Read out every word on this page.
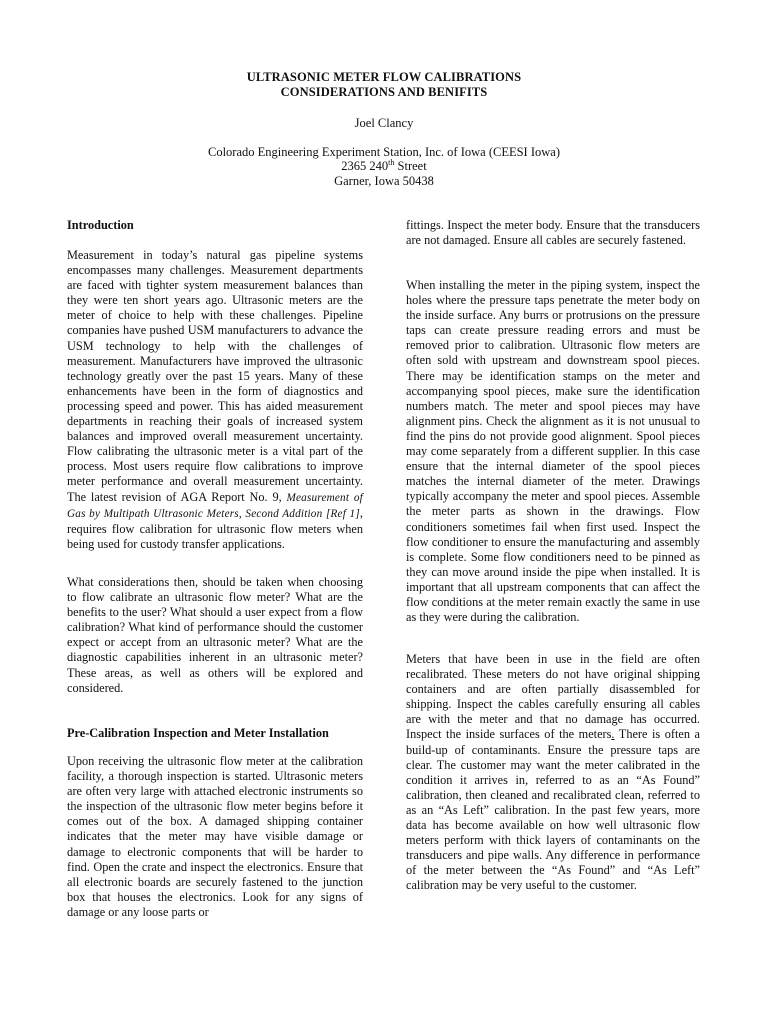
ULTRASONIC METER FLOW CALIBRATIONS
CONSIDERATIONS AND BENIFITS
Joel Clancy
Colorado Engineering Experiment Station, Inc. of Iowa (CEESI Iowa)
2365 240th Street
Garner, Iowa 50438
Introduction

Measurement in today’s natural gas pipeline systems encompasses many challenges. Measurement departments are faced with tighter system measurement balances than they were ten short years ago. Ultrasonic meters are the meter of choice to help with these challenges. Pipeline companies have pushed USM manufacturers to advance the USM technology to help with the challenges of measurement. Manufacturers have improved the ultrasonic technology greatly over the past 15 years. Many of these enhancements have been in the form of diagnostics and processing speed and power. This has aided measurement departments in reaching their goals of increased system balances and improved overall measurement uncertainty. Flow calibrating the ultrasonic meter is a vital part of the process. Most users require flow calibrations to improve meter performance and overall measurement uncertainty. The latest revision of AGA Report No. 9, Measurement of Gas by Multipath Ultrasonic Meters, Second Addition [Ref 1], requires flow calibration for ultrasonic flow meters when being used for custody transfer applications.

What considerations then, should be taken when choosing to flow calibrate an ultrasonic flow meter? What are the benefits to the user? What should a user expect from a flow calibration? What kind of performance should the customer expect or accept from an ultrasonic meter? What are the diagnostic capabilities inherent in an ultrasonic meter? These areas, as well as others will be explored and considered.

Pre-Calibration Inspection and Meter Installation

Upon receiving the ultrasonic flow meter at the calibration facility, a thorough inspection is started. Ultrasonic meters are often very large with attached electronic instruments so the inspection of the ultrasonic flow meter begins before it comes out of the box. A damaged shipping container indicates that the meter may have visible damage or damage to electronic components that will be harder to find. Open the crate and inspect the electronics. Ensure that all electronic boards are securely fastened to the junction box that houses the electronics. Look for any signs of damage or any loose parts or

fittings. Inspect the meter body. Ensure that the transducers are not damaged. Ensure all cables are securely fastened.

When installing the meter in the piping system, inspect the holes where the pressure taps penetrate the meter body on the inside surface. Any burrs or protrusions on the pressure taps can create pressure reading errors and must be removed prior to calibration. Ultrasonic flow meters are often sold with upstream and downstream spool pieces. There may be identification stamps on the meter and accompanying spool pieces, make sure the identification numbers match. The meter and spool pieces may have alignment pins. Check the alignment as it is not unusual to find the pins do not provide good alignment. Spool pieces may come separately from a different supplier. In this case ensure that the internal diameter of the spool pieces matches the internal diameter of the meter. Drawings typically accompany the meter and spool pieces. Assemble the meter parts as shown in the drawings. Flow conditioners sometimes fail when first used. Inspect the flow conditioner to ensure the manufacturing and assembly is complete. Some flow conditioners need to be pinned as they can move around inside the pipe when installed. It is important that all upstream components that can affect the flow conditions at the meter remain exactly the same in use as they were during the calibration.

Meters that have been in use in the field are often recalibrated. These meters do not have original shipping containers and are often partially disassembled for shipping. Inspect the cables carefully ensuring all cables are with the meter and that no damage has occurred. Inspect the inside surfaces of the meters. There is often a build-up of contaminants. Ensure the pressure taps are clear. The customer may want the meter calibrated in the condition it arrives in, referred to as an “As Found” calibration, then cleaned and recalibrated clean, referred to as an “As Left” calibration. In the past few years, more data has become available on how well ultrasonic flow meters perform with thick layers of contaminants on the transducers and pipe walls. Any difference in performance of the meter between the “As Found” and “As Left” calibration may be very useful to the customer.
